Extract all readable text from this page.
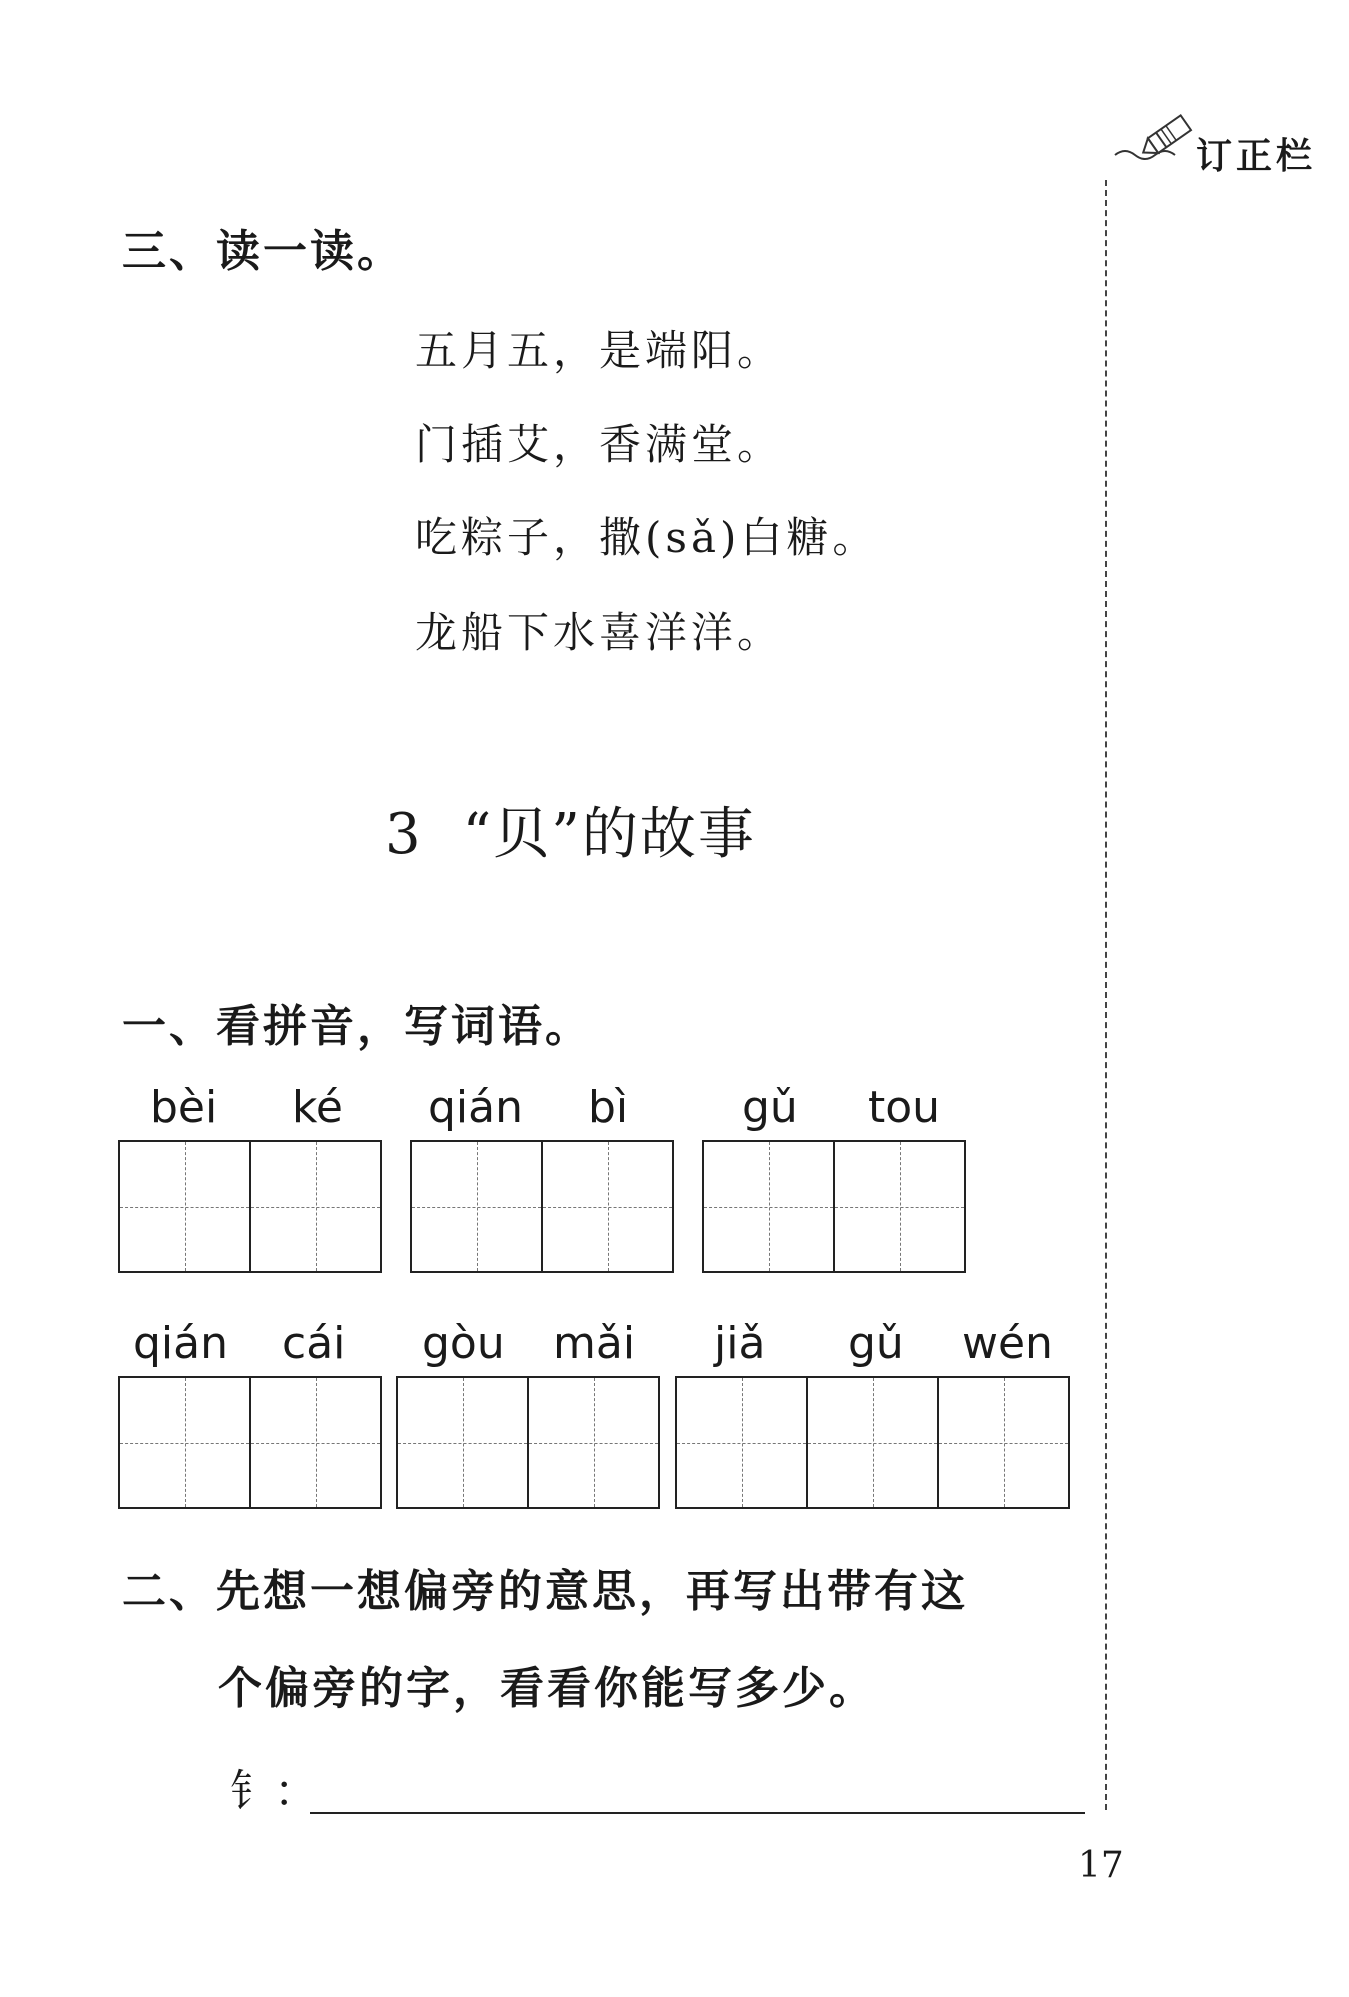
订正栏
三、读一读。
五月五，是端阳。
门插艾，香满堂。
吃粽子，撒(sǎ)白糖。
龙船下水喜洋洋。
3 “贝”的故事
一、看拼音，写词语。
bèi ké qián bì	gǔ tou
qián cái gòu mǎi jiǎ gǔ wén
二、先想一想偏旁的意思，再写出带有这
个偏旁的字，看看你能写多少。
钅：
17
